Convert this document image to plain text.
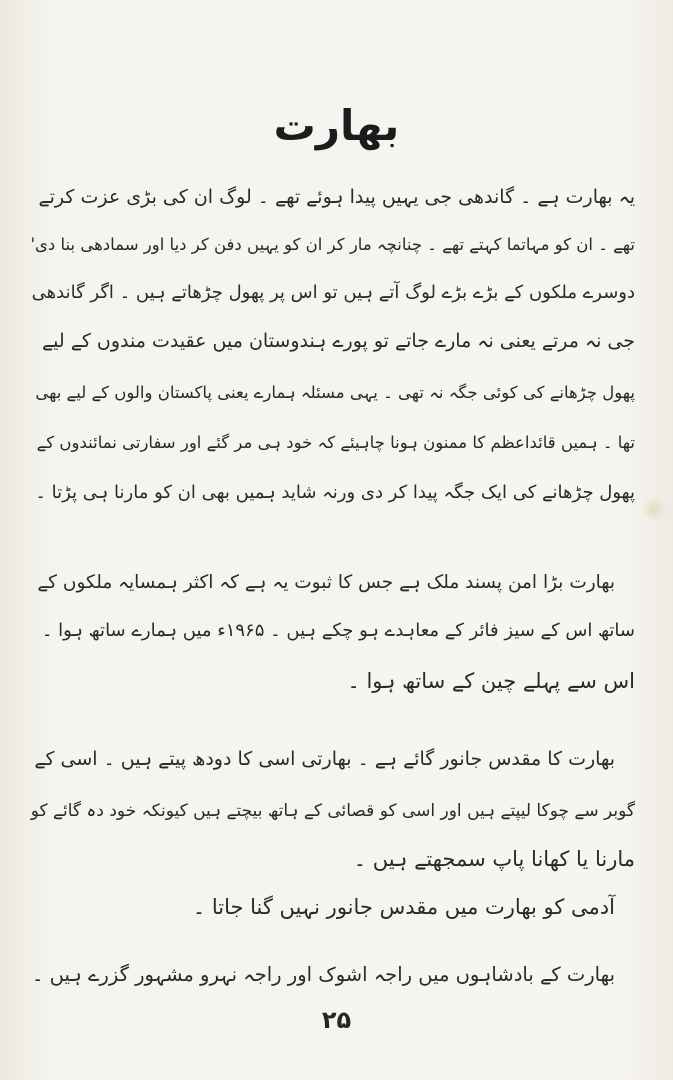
بھارت
یہ بھارت ہے ۔ گاندھی جی یہیں پیدا ہوئے تھے ۔ لوگ ان کی بڑی عزت کرتے
تھے ۔ ان کو مہاتما کہتے تھے ۔ چنانچہ مار کر ان کو یہیں دفن کر دیا اور سمادھی بنا دی'
دوسرے ملکوں کے بڑے بڑے لوگ آتے ہیں تو اس پر پھول چڑھاتے ہیں ۔ اگر گاندھی
جی نہ مرتے یعنی نہ مارے جاتے تو پورے ہندوستان میں عقیدت مندوں کے لیے
پھول چڑھانے کی کوئی جگہ نہ تھی ۔ یہی مسئلہ ہمارے یعنی پاکستان والوں کے لیے بھی
تھا ۔ ہمیں قائداعظم کا ممنون ہونا چاہیئے کہ خود ہی مر گئے اور سفارتی نمائندوں کے
پھول چڑھانے کی ایک جگہ پیدا کر دی ورنہ شاید ہمیں بھی ان کو مارنا ہی پڑتا ۔
بھارت بڑا امن پسند ملک ہے جس کا ثبوت یہ ہے کہ اکثر ہمسایہ ملکوں کے
ساتھ اس کے سیز فائر کے معاہدے ہو چکے ہیں ۔ ۱۹۶۵ء میں ہمارے ساتھ ہوا ۔
اس سے پہلے چین کے ساتھ ہوا ۔
بھارت کا مقدس جانور گائے ہے ۔ بھارتی اسی کا دودھ پیتے ہیں ۔ اسی کے
گوبر سے چوکا لیپتے ہیں اور اسی کو قصائی کے ہاتھ بیچتے ہیں کیونکہ خود دہ گائے کو
مارنا یا کھانا پاپ سمجھتے ہیں ۔
آدمی کو بھارت میں مقدس جانور نہیں گنا جاتا ۔
بھارت کے بادشاہوں میں راجہ اشوک اور راجہ نہرو مشہور گزرے ہیں ۔
۲۵
